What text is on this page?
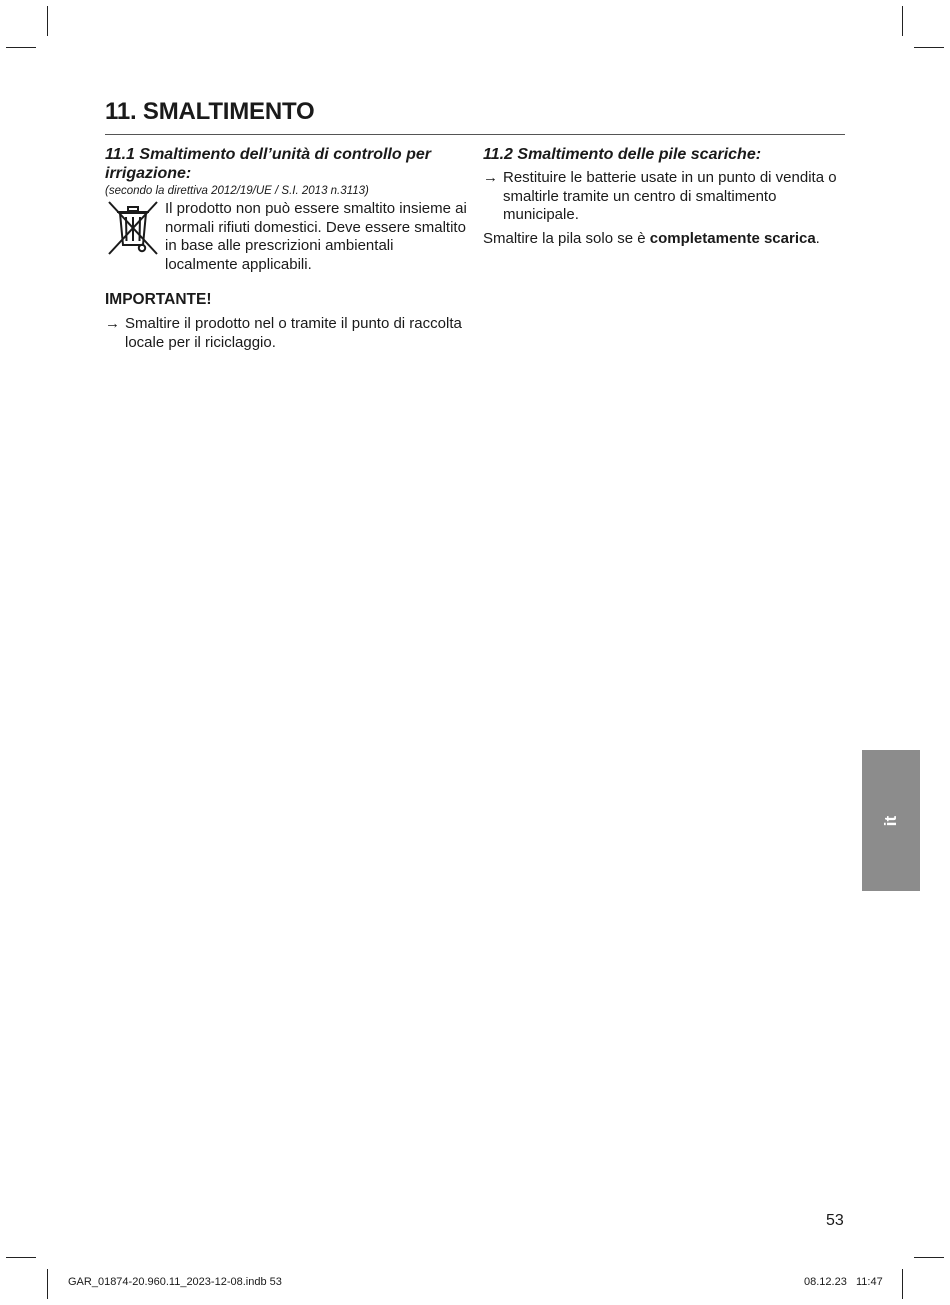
11. SMALTIMENTO

11.1 Smaltimento dell’unità di controllo per irrigazione:

(secondo la direttiva 2012/19/UE / S.I. 2013 n.3113)

Il prodotto non può essere smaltito insieme ai normali rifiuti domestici. Deve essere smaltito in base alle prescrizioni ambientali localmente applicabili.

IMPORTANTE!

→ Smaltire il prodotto nel o tramite il punto di raccolta locale per il riciclaggio.

11.2 Smaltimento delle pile scariche:

→ Restituire le batterie usate in un punto di vendita o smaltirle tramite un centro di smaltimento municipale.

Smaltire la pila solo se è completamente scarica.

it
53
GAR_01874-20.960.11_2023-12-08.indb 53	08.12.23   11:47
